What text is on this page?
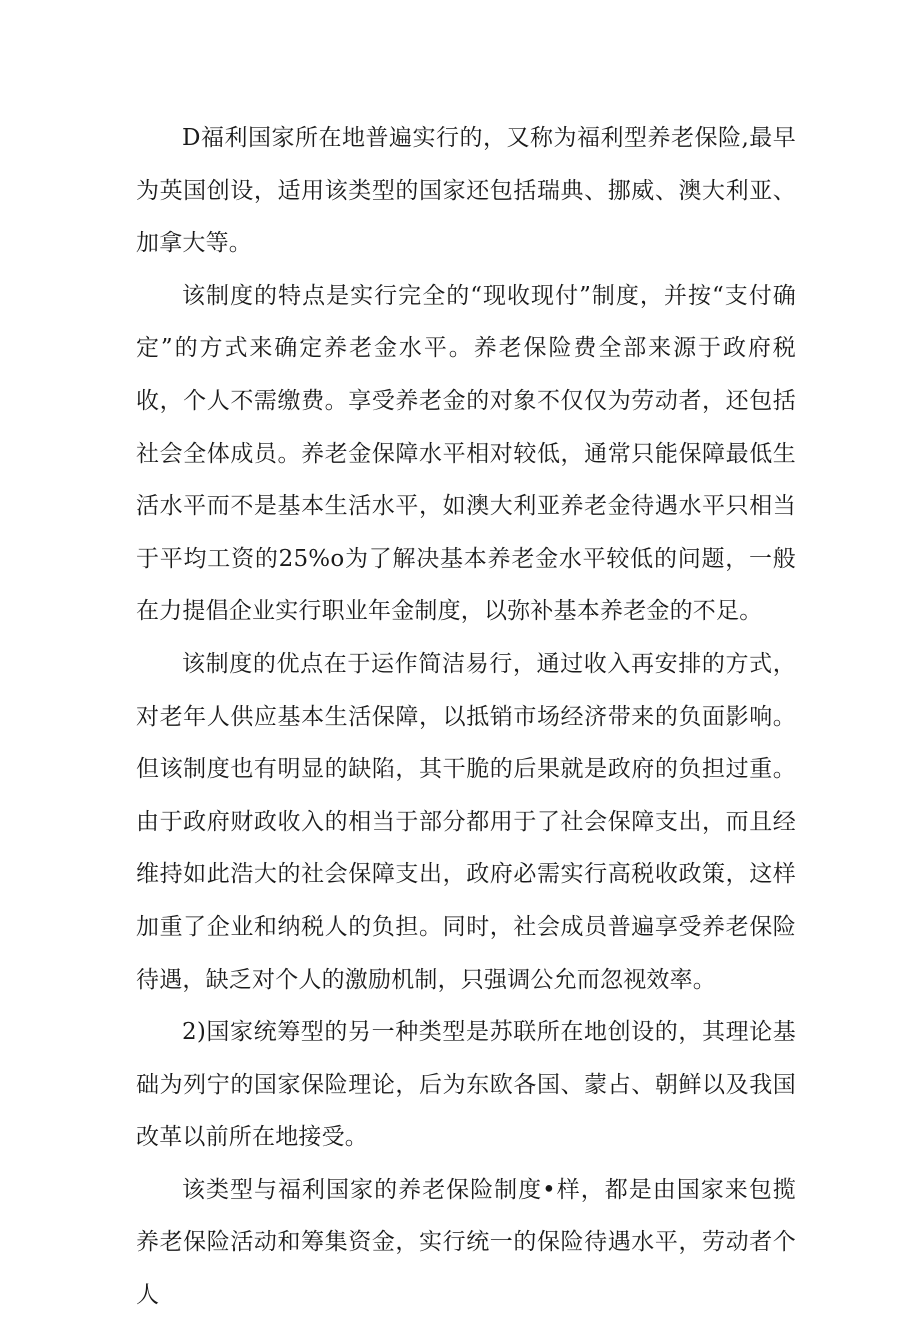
D福利国家所在地普遍实行的，又称为福利型养老保险,最早为英国创设，适用该类型的国家还包括瑞典、挪威、澳大利亚、加拿大等。

该制度的特点是实行完全的“现收现付”制度，并按“支付确定”的方式来确定养老金水平。养老保险费全部来源于政府税收，个人不需缴费。享受养老金的对象不仅仅为劳动者，还包括社会全体成员。养老金保障水平相对较低，通常只能保障最低生活水平而不是基本生活水平，如澳大利亚养老金待遇水平只相当于平均工资的25%o为了解决基本养老金水平较低的问题，一般在力提倡企业实行职业年金制度，以弥补基本养老金的不足。

该制度的优点在于运作简洁易行，通过收入再安排的方式，对老年人供应基本生活保障，以抵销市场经济带来的负面影响。但该制度也有明显的缺陷，其干脆的后果就是政府的负担过重。由于政府财政收入的相当于部分都用于了社会保障支出，而且经维持如此浩大的社会保障支出，政府必需实行高税收政策，这样加重了企业和纳税人的负担。同时，社会成员普遍享受养老保险待遇，缺乏对个人的激励机制，只强调公允而忽视效率。

2)国家统筹型的另一种类型是苏联所在地创设的，其理论基础为列宁的国家保险理论，后为东欧各国、蒙占、朝鲜以及我国改革以前所在地接受。

该类型与福利国家的养老保险制度•样，都是由国家来包揽养老保险活动和筹集资金，实行统一的保险待遇水平，劳动者个人
